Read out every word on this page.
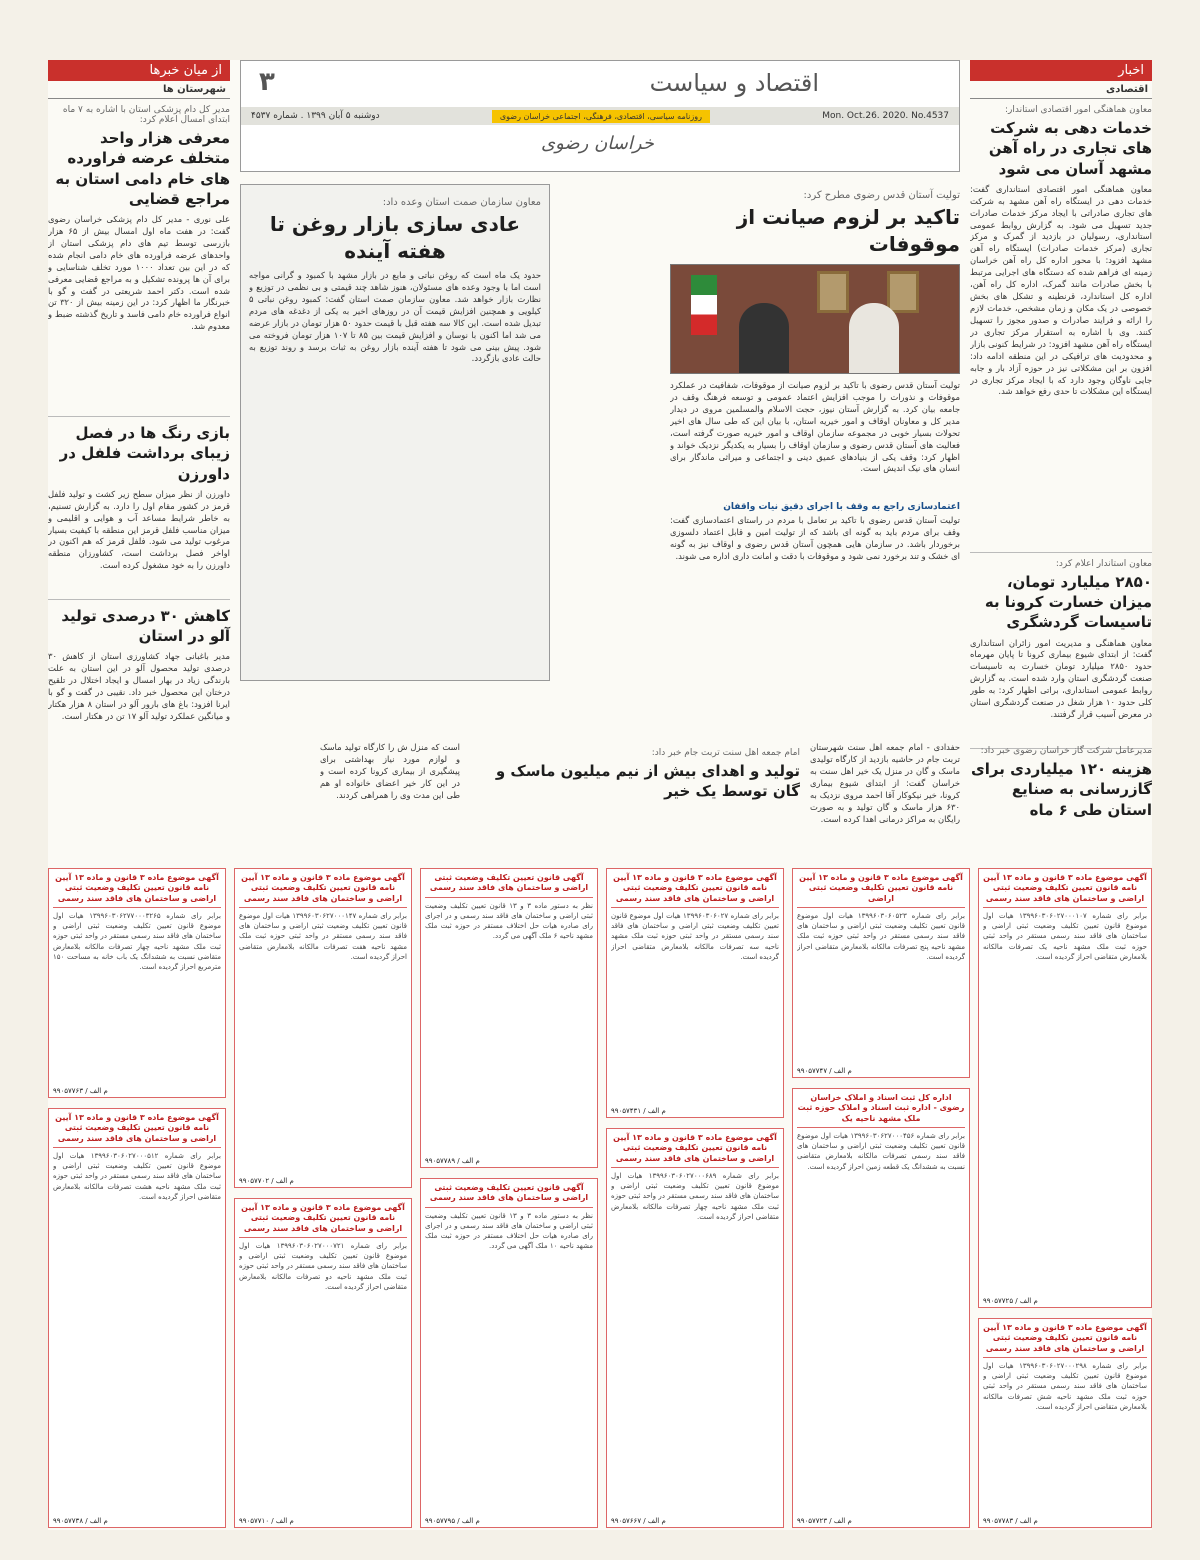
اخبار
اقتصادی
معاون هماهنگی امور اقتصادی استاندار:
خدمات دهی به شرکت های تجاری در راه آهن مشهد آسان می شود
معاون هماهنگی امور اقتصادی استانداری گفت: خدمات دهی در ایستگاه راه آهن مشهد به شرکت های تجاری صادراتی با ایجاد مرکز خدمات صادرات جدید تسهیل می شود. به گزارش روابط عمومی استانداری، رسولیان در بازدید از گمرک و مرکز تجاری (مرکز خدمات صادرات) ایستگاه راه آهن مشهد افزود: با محور اداره کل راه آهن خراسان زمینه ای فراهم شده که دستگاه های اجرایی مرتبط با بخش صادرات مانند گمرک، اداره کل راه آهن، اداره کل استاندارد، قرنطینه و تشکل های بخش خصوصی در یک مکان و زمان مشخص، خدمات لازم را ارائه و فرایند صادرات و صدور مجوز را تسهیل کنند. وی با اشاره به استقرار مرکز تجاری در ایستگاه راه آهن مشهد افزود: در شرایط کنونی بازار و محدودیت های ترافیکی در این منطقه ادامه داد: افزون بر این مشکلاتی نیز در حوزه آزاد بار و جابه جایی ناوگان وجود دارد که با ایجاد مرکز تجاری در ایستگاه این مشکلات تا حدی رفع خواهد شد.
معاون استاندار اعلام کرد:
۲۸۵۰ میلیارد تومان، میزان خسارت کرونا به تاسیسات گردشگری
معاون هماهنگی و مدیریت امور زائران استانداری گفت: از ابتدای شیوع بیماری کرونا تا پایان مهرماه حدود ۲۸۵۰ میلیارد تومان خسارت به تاسیسات صنعت گردشگری استان وارد شده است. به گزارش روابط عمومی استانداری، براتی اظهار کرد: به طور کلی حدود ۱۰ هزار شغل در صنعت گردشگری استان در معرض آسیب قرار گرفتند.
مدیرعامل شرکت گاز خراسان رضوی خبر داد:
هزینه ۱۲۰ میلیاردی برای گازرسانی به صنایع استان طی ۶ ماه
از میان خبرها
شهرستان ها
مدیر کل دام پزشکی استان با اشاره به ۷ ماه ابتدای امسال اعلام کرد:
معرفی هزار واحد متخلف عرضه فراورده های خام دامی استان به مراجع قضایی
علی نوری - مدیر کل دام پزشکی خراسان رضوی گفت: در هفت ماه اول امسال بیش از ۶۵ هزار بازرسی توسط تیم های دام پزشکی استان از واحدهای عرضه فراورده های خام دامی انجام شده که در این بین تعداد ۱۰۰۰ مورد تخلف شناسایی و برای آن ها پرونده تشکیل و به مراجع قضایی معرفی شده است. دکتر احمد شریعتی در گفت و گو با خبرنگار ما اظهار کرد: در این زمینه بیش از ۳۲۰ تن انواع فراورده خام دامی فاسد و تاریخ گذشته ضبط و معدوم شد.
بازی رنگ ها در فصل زیبای برداشت فلفل در داورزن
داورزن از نظر میزان سطح زیر کشت و تولید فلفل قرمز در کشور مقام اول را دارد. به گزارش تسنیم، به خاطر شرایط مساعد آب و هوایی و اقلیمی و میزان مناسب فلفل قرمز این منطقه با کیفیت بسیار مرغوب تولید می شود. فلفل قرمز که هم اکنون در اواخر فصل برداشت است، کشاورزان منطقه داورزن را به خود مشغول کرده است.
کاهش ۳۰ درصدی تولید آلو در استان
مدیر باغبانی جهاد کشاورزی استان از کاهش ۳۰ درصدی تولید محصول آلو در این استان به علت بارندگی زیاد در بهار امسال و ایجاد اختلال در تلقیح درختان این محصول خبر داد. نقیبی در گفت و گو با ایرنا افزود: باغ های بارور آلو در استان ۸ هزار هکتار و میانگین عملکرد تولید آلو ۱۷ تن در هکتار است.
اقتصاد و سیاست
۳
Mon. Oct.26. 2020. No.4537
روزنامه سیاسی، اقتصادی، فرهنگی، اجتماعی خراسان رضوی
دوشنبه ۵ آبان ۱۳۹۹ . شماره ۴۵۳۷
خراسان رضوی
تولیت آستان قدس رضوی مطرح کرد:
تاکید بر لزوم صیانت از موقوفات
تولیت آستان قدس رضوی با تاکید بر لزوم صیانت از موقوفات، شفافیت در عملکرد موقوفات و نذورات را موجب افزایش اعتماد عمومی و توسعه فرهنگ وقف در جامعه بیان کرد. به گزارش آستان نیوز، حجت الاسلام والمسلمین مروی در دیدار مدیر کل و معاونان اوقاف و امور خیریه استان، با بیان این که طی سال های اخیر تحولات بسیار خوبی در مجموعه سازمان اوقاف و امور خیریه صورت گرفته است، فعالیت های آستان قدس رضوی و سازمان اوقاف را بسیار به یکدیگر نزدیک خواند و اظهار کرد: وقف یکی از بنیادهای عمیق دینی و اجتماعی و میراثی ماندگار برای انسان های نیک اندیش است.
اعتمادسازی راجع به وقف با اجرای دقیق نیات واقفان
تولیت آستان قدس رضوی با تاکید بر تعامل با مردم در راستای اعتمادسازی گفت: وقف برای مردم باید به گونه ای باشد که از تولیت امین و قابل اعتماد دلسوزی برخوردار باشد. در سازمان هایی همچون آستان قدس رضوی و اوقاف نیز به گونه ای خشک و تند برخورد نمی شود و موقوفات با دقت و امانت داری اداره می شوند.
معاون سازمان صمت استان وعده داد:
عادی سازی بازار روغن تا هفته آینده
حدود یک ماه است که روغن نباتی و مایع در بازار مشهد با کمبود و گرانی مواجه است اما با وجود وعده های مسئولان، هنوز شاهد چند قیمتی و بی نظمی در توزیع و نظارت بازار خواهد شد. معاون سازمان صمت استان گفت: کمبود روغن نباتی ۵ کیلویی و همچنین افزایش قیمت آن در روزهای اخیر به یکی از دغدغه های مردم تبدیل شده است. این کالا سه هفته قبل با قیمت حدود ۵۰ هزار تومان در بازار عرضه می شد اما اکنون با نوسان و افزایش قیمت بین ۸۵ تا ۱۰۷ هزار تومان فروخته می شود. پیش بینی می شود تا هفته آینده بازار روغن به ثبات برسد و روند توزیع به حالت عادی بازگردد.
حفدادی - امام جمعه اهل سنت شهرستان تربت جام در حاشیه بازدید از کارگاه تولیدی ماسک و گان در منزل یک خیر اهل سنت به خراسان گفت: از ابتدای شیوع بیماری کرونا، خیر نیکوکار آقا احمد مروی نزدیک به ۶۳۰ هزار ماسک و گان تولید و به صورت رایگان به مراکز درمانی اهدا کرده است.
امام جمعه اهل سنت تربت جام خبر داد:
تولید و اهدای بیش از نیم میلیون ماسک و گان توسط یک خیر
است که منزل ش را کارگاه تولید ماسک و لوازم مورد نیاز بهداشتی برای پیشگیری از بیماری کرونا کرده است و در این کار خیر اعضای خانواده او هم طی این مدت وی را همراهی کردند.
آگهی موضوع ماده ۳ قانون و ماده ۱۳ آیین نامه قانون تعیین تکلیف وضعیت ثبتی اراضی و ساختمان های فاقد سند رسمی
برابر رای شماره ۱۳۹۹۶۰۳۰۶۲۷۷۰۰۰۳۲۶۵ هیات اول موضوع قانون تعیین تکلیف وضعیت ثبتی اراضی و ساختمان های فاقد سند رسمی مستقر در واحد ثبتی حوزه ثبت ملک مشهد ناحیه چهار تصرفات مالکانه بلامعارض متقاضی نسبت به ششدانگ یک باب خانه به مساحت ۱۵۰ مترمربع احراز گردیده است.
۹۹۰۵۷۷۶۳ / م الف
آگهی موضوع ماده ۳ قانون و ماده ۱۳ آیین نامه قانون تعیین تکلیف وضعیت ثبتی اراضی و ساختمان های فاقد سند رسمی
برابر رای شماره ۱۳۹۹۶۰۳۰۶۲۷۰۰۰۱۴۷ هیات اول موضوع قانون تعیین تکلیف وضعیت ثبتی اراضی و ساختمان های فاقد سند رسمی مستقر در واحد ثبتی حوزه ثبت ملک مشهد ناحیه هفت تصرفات مالکانه بلامعارض متقاضی احراز گردیده است.
۹۹۰۵۷۷۰۲ / م الف
آگهی قانون تعیین تکلیف وضعیت ثبتی اراضی و ساختمان های فاقد سند رسمی
نظر به دستور ماده ۳ و ۱۳ قانون تعیین تکلیف وضعیت ثبتی اراضی و ساختمان های فاقد سند رسمی و در اجرای رای صادره هیات حل اختلاف مستقر در حوزه ثبت ملک مشهد ناحیه ۶ ملک آگهی می گردد.
۹۹۰۵۷۷۸۹ / م الف
آگهی موضوع ماده ۳ قانون و ماده ۱۳ آیین نامه قانون تعیین تکلیف وضعیت ثبتی اراضی و ساختمان های فاقد سند رسمی
برابر رای شماره ۱۳۹۹۶۰۳۰۶۰۲۷ هیات اول موضوع قانون تعیین تکلیف وضعیت ثبتی اراضی و ساختمان های فاقد سند رسمی مستقر در واحد ثبتی حوزه ثبت ملک مشهد ناحیه سه تصرفات مالکانه بلامعارض متقاضی احراز گردیده است.
۹۹۰۵۷۴۳۱ / م الف
آگهی موضوع ماده ۳ قانون و ماده ۱۳ آیین نامه قانون تعیین تکلیف وضعیت ثبتی اراضی
برابر رای شماره ۱۳۹۹۶۰۳۰۶۰۵۲۳ هیات اول موضوع قانون تعیین تکلیف وضعیت ثبتی اراضی و ساختمان های فاقد سند رسمی مستقر در واحد ثبتی حوزه ثبت ملک مشهد ناحیه پنج تصرفات مالکانه بلامعارض متقاضی احراز گردیده است.
۹۹۰۵۷۷۴۷ / م الف
آگهی موضوع ماده ۳ قانون و ماده ۱۳ آیین نامه قانون تعیین تکلیف وضعیت ثبتی اراضی و ساختمان های فاقد سند رسمی
برابر رای شماره ۱۳۹۹۶۰۳۰۶۰۲۷۰۰۰۱۰۷ هیات اول موضوع قانون تعیین تکلیف وضعیت ثبتی اراضی و ساختمان های فاقد سند رسمی مستقر در واحد ثبتی حوزه ثبت ملک مشهد ناحیه یک تصرفات مالکانه بلامعارض متقاضی احراز گردیده است.
۹۹۰۵۷۷۲۵ / م الف
آگهی موضوع ماده ۳ قانون و ماده ۱۳ آیین نامه قانون تعیین تکلیف وضعیت ثبتی اراضی و ساختمان های فاقد سند رسمی
برابر رای شماره ۱۳۹۹۶۰۳۰۶۰۲۷۰۰۰۵۱۲ هیات اول موضوع قانون تعیین تکلیف وضعیت ثبتی اراضی و ساختمان های فاقد سند رسمی مستقر در واحد ثبتی حوزه ثبت ملک مشهد ناحیه هشت تصرفات مالکانه بلامعارض متقاضی احراز گردیده است.
۹۹۰۵۷۷۳۸ / م الف
آگهی موضوع ماده ۳ قانون و ماده ۱۳ آیین نامه قانون تعیین تکلیف وضعیت ثبتی اراضی و ساختمان های فاقد سند رسمی
برابر رای شماره ۱۳۹۹۶۰۳۰۶۰۲۷۰۰۰۷۲۱ هیات اول موضوع قانون تعیین تکلیف وضعیت ثبتی اراضی و ساختمان های فاقد سند رسمی مستقر در واحد ثبتی حوزه ثبت ملک مشهد ناحیه دو تصرفات مالکانه بلامعارض متقاضی احراز گردیده است.
۹۹۰۵۷۷۱۰ / م الف
آگهی قانون تعیین تکلیف وضعیت ثبتی اراضی و ساختمان های فاقد سند رسمی
نظر به دستور ماده ۳ و ۱۳ قانون تعیین تکلیف وضعیت ثبتی اراضی و ساختمان های فاقد سند رسمی و در اجرای رای صادره هیات حل اختلاف مستقر در حوزه ثبت ملک مشهد ناحیه ۱۰ ملک آگهی می گردد.
۹۹۰۵۷۷۹۵ / م الف
آگهی موضوع ماده ۳ قانون و ماده ۱۳ آیین نامه قانون تعیین تکلیف وضعیت ثبتی اراضی و ساختمان های فاقد سند رسمی
برابر رای شماره ۱۳۹۹۶۰۳۰۶۰۲۷۰۰۰۶۸۹ هیات اول موضوع قانون تعیین تکلیف وضعیت ثبتی اراضی و ساختمان های فاقد سند رسمی مستقر در واحد ثبتی حوزه ثبت ملک مشهد ناحیه چهار تصرفات مالکانه بلامعارض متقاضی احراز گردیده است.
۹۹۰۵۷۶۶۷ / م الف
اداره کل ثبت اسناد و املاک خراسان رضوی - اداره ثبت اسناد و املاک حوزه ثبت ملک مشهد ناحیه یک
برابر رای شماره ۱۳۹۹۶۰۳۰۶۲۷۰۰۰۴۵۶ هیات اول موضوع قانون تعیین تکلیف وضعیت ثبتی اراضی و ساختمان های فاقد سند رسمی تصرفات مالکانه بلامعارض متقاضی نسبت به ششدانگ یک قطعه زمین احراز گردیده است.
۹۹۰۵۷۷۲۳ / م الف
آگهی موضوع ماده ۳ قانون و ماده ۱۳ آیین نامه قانون تعیین تکلیف وضعیت ثبتی اراضی و ساختمان های فاقد سند رسمی
برابر رای شماره ۱۳۹۹۶۰۳۰۶۰۲۷۰۰۰۲۹۸ هیات اول موضوع قانون تعیین تکلیف وضعیت ثبتی اراضی و ساختمان های فاقد سند رسمی مستقر در واحد ثبتی حوزه ثبت ملک مشهد ناحیه شش تصرفات مالکانه بلامعارض متقاضی احراز گردیده است.
۹۹۰۵۷۷۸۳ / م الف
